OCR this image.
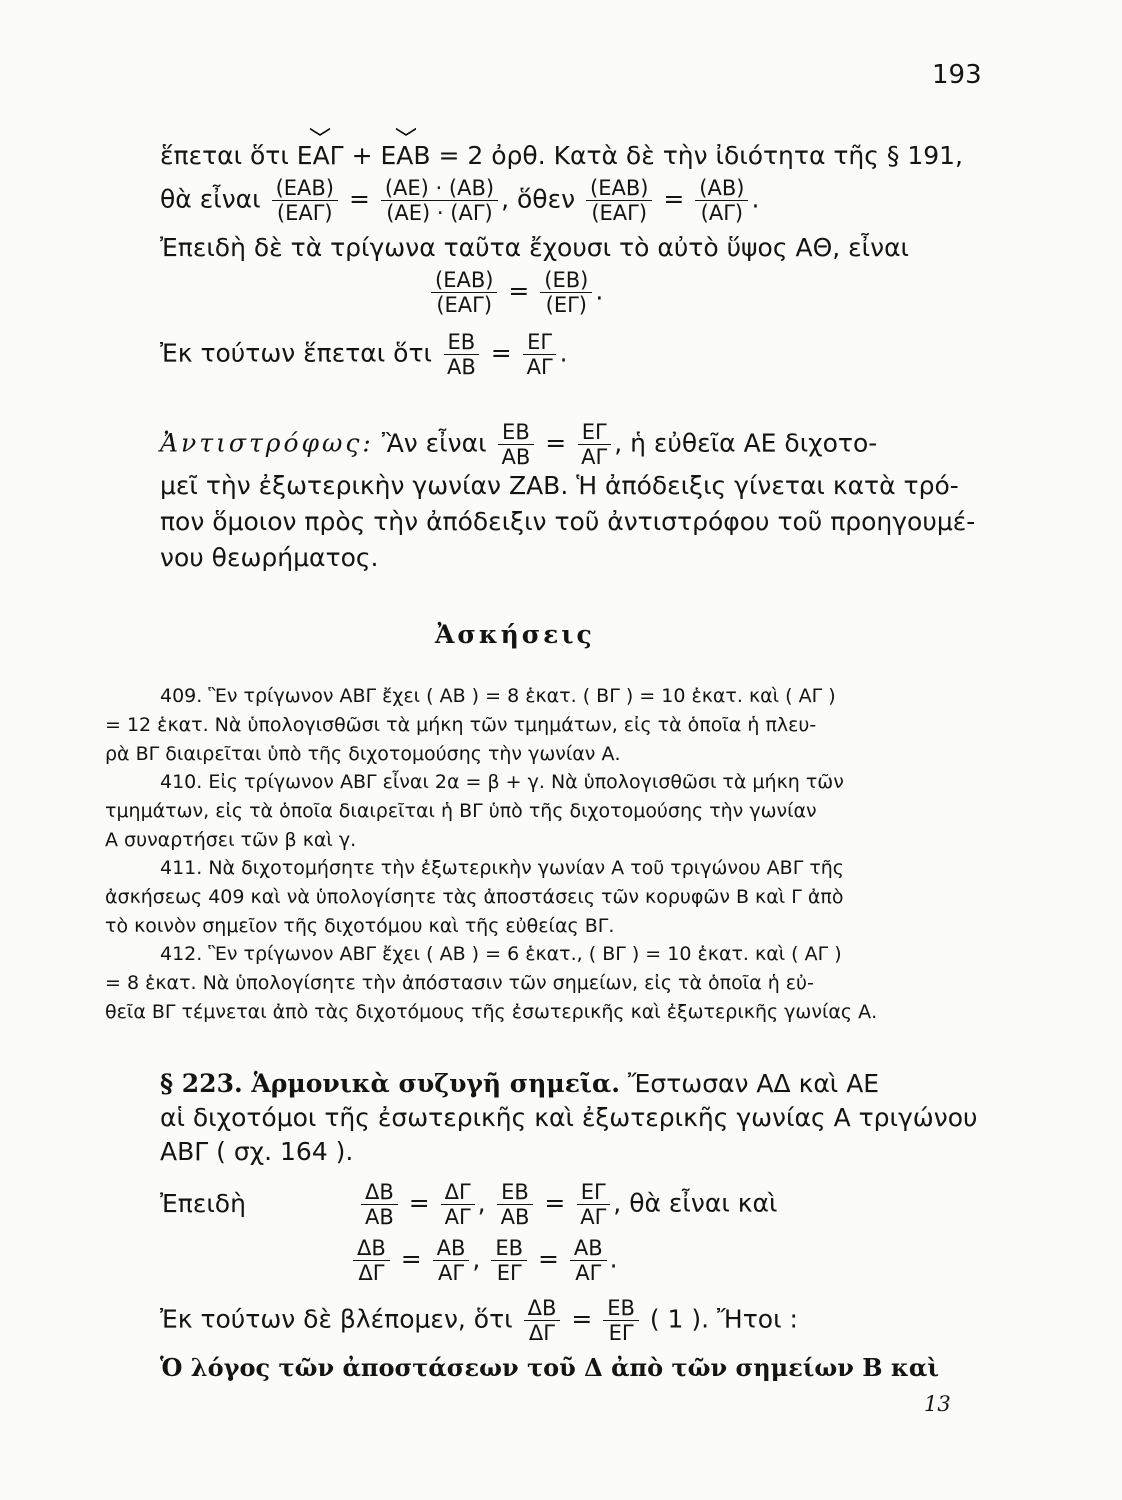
193
ἕπεται ὅτι ΕΑΓ + ΕΑΒ = 2 ὀρθ. Κατὰ δὲ τὴν ἰδιότητα τῆς § 191,
θὰ εἶναι $\frac{\text{(ΕΑΒ)}}{\text{(ΕΑΓ)}} = \frac{(AE) \cdot (AB)}{(AE) \cdot (A\Gamma)}$ , ὅθεν $\frac{\text{(ΕΑΒ)}}{\text{(ΕΑΓ)}} = \frac{(AB)}{(A\Gamma)}$ .
Ἐπειδὴ δὲ τὰ τρίγωνα ταῦτα ἔχουσι τὸ αὐτὸ ὕψος ΑΘ, εἶναι
$\frac{\text{(ΕΑΒ)}}{\text{(ΕΑΓ)}} = \frac{(EB)}{(E\Gamma)}$ .
Ἐκ τούτων ἕπεται ὅτι $\frac{EB}{AB} = \frac{E\Gamma}{A\Gamma}$ .
Ἀντιστρόφως: Ἂν εἶναι $\frac{EB}{AB} = \frac{E\Gamma}{A\Gamma}$ , ἡ εὐθεῖα ΑΕ διχοτο-
μεῖ τὴν ἐξωτερικὴν γωνίαν ΖΑΒ. Ἡ ἀπόδειξις γίνεται κατὰ τρό-
πον ὅμοιον πρὸς τὴν ἀπόδειξιν τοῦ ἀντιστρόφου τοῦ προηγουμέ-
νου θεωρήματος.
Ἀσκήσεις
409. Ἓν τρίγωνον ΑΒΓ ἔχει ( ΑΒ ) = 8 ἑκατ. ( ΒΓ ) = 10 ἑκατ. καὶ ( ΑΓ )
= 12 ἑκατ. Νὰ ὑπολογισθῶσι τὰ μήκη τῶν τμημάτων, εἰς τὰ ὁποῖα ἡ πλευ-
ρὰ ΒΓ διαιρεῖται ὑπὸ τῆς διχοτομούσης τὴν γωνίαν Α.
410. Εἰς τρίγωνον ΑΒΓ εἶναι 2α = β + γ. Νὰ ὑπολογισθῶσι τὰ μήκη τῶν
τμημάτων, εἰς τὰ ὁποῖα διαιρεῖται ἡ ΒΓ ὑπὸ τῆς διχοτομούσης τὴν γωνίαν
Α συναρτήσει τῶν β καὶ γ.
411. Νὰ διχοτομήσητε τὴν ἐξωτερικὴν γωνίαν Α τοῦ τριγώνου ΑΒΓ τῆς
ἀσκήσεως 409 καὶ νὰ ὑπολογίσητε τὰς ἀποστάσεις τῶν κορυφῶν Β καὶ Γ ἀπὸ
τὸ κοινὸν σημεῖον τῆς διχοτόμου καὶ τῆς εὐθείας ΒΓ.
412. Ἓν τρίγωνον ΑΒΓ ἔχει ( ΑΒ ) = 6 ἑκατ., ( ΒΓ ) = 10 ἑκατ. καὶ ( ΑΓ )
= 8 ἑκατ. Νὰ ὑπολογίσητε τὴν ἀπόστασιν τῶν σημείων, εἰς τὰ ὁποῖα ἡ εὐ-
θεῖα ΒΓ τέμνεται ἀπὸ τὰς διχοτόμους τῆς ἐσωτερικῆς καὶ ἐξωτερικῆς γωνίας Α.
§ 223. Ἁρμονικὰ συζυγῆ σημεῖα. Ἔστωσαν ΑΔ καὶ ΑΕ
αἱ διχοτόμοι τῆς ἐσωτερικῆς καὶ ἐξωτερικῆς γωνίας Α τριγώνου
ΑΒΓ ( σχ. 164 ).
Ἐπειδὴ	$\frac{\Delta B}{AB} = \frac{\Delta\Gamma}{A\Gamma}$ , $\frac{EB}{AB} = \frac{E\Gamma}{A\Gamma}$ , θὰ εἶναι καὶ
$\frac{\Delta B}{\Delta\Gamma} = \frac{AB}{A\Gamma}$ , $\frac{EB}{E\Gamma} = \frac{AB}{A\Gamma}$ .
Ἐκ τούτων δὲ βλέπομεν, ὅτι $\frac{\Delta B}{\Delta\Gamma} = \frac{EB}{E\Gamma}$ ( 1 ). Ἤτοι :
Ὁ λόγος τῶν ἀποστάσεων τοῦ Δ ἀπὸ τῶν σημείων Β καὶ
13
